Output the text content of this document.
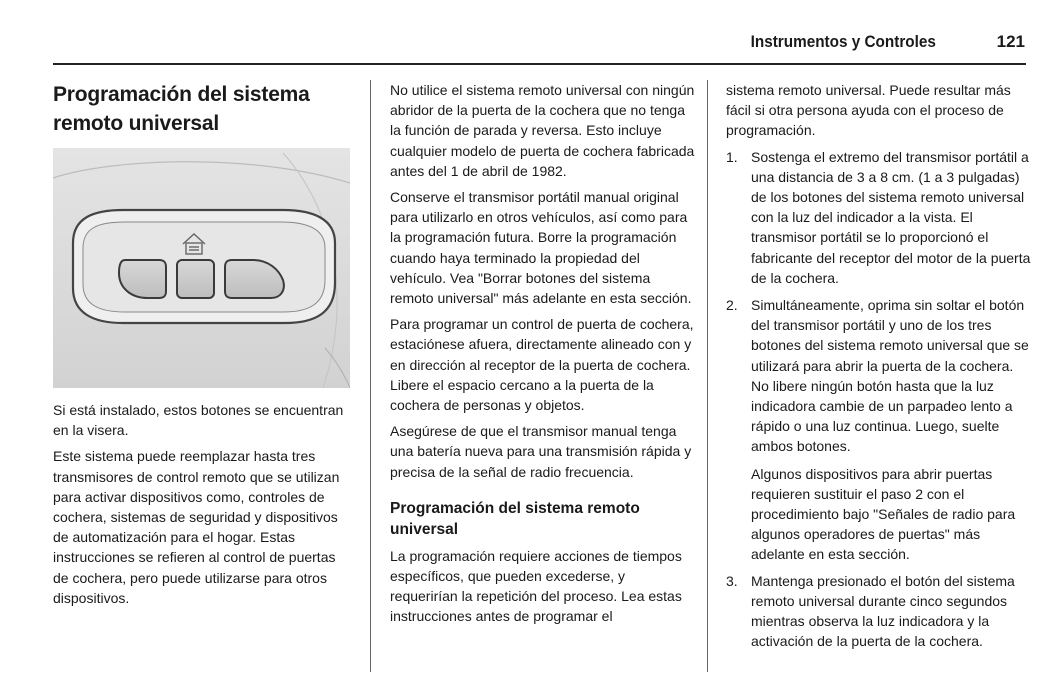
Instrumentos y Controles	121
Programación del sistema remoto universal

Si está instalado, estos botones se encuentran en la visera.

Este sistema puede reemplazar hasta tres transmisores de control remoto que se utilizan para activar dispositivos como, controles de cochera, sistemas de seguridad y dispositivos de automatización para el hogar. Estas instrucciones se refieren al control de puertas de cochera, pero puede utilizarse para otros dispositivos.

No utilice el sistema remoto universal con ningún abridor de la puerta de la cochera que no tenga la función de parada y reversa. Esto incluye cualquier modelo de puerta de cochera fabricada antes del 1 de abril de 1982.

Conserve el transmisor portátil manual original para utilizarlo en otros vehículos, así como para la programación futura. Borre la programación cuando haya terminado la propiedad del vehículo. Vea "Borrar botones del sistema remoto universal" más adelante en esta sección.

Para programar un control de puerta de cochera, estaciónese afuera, directamente alineado con y en dirección al receptor de la puerta de cochera. Libere el espacio cercano a la puerta de la cochera de personas y objetos.

Asegúrese de que el transmisor manual tenga una batería nueva para una transmisión rápida y precisa de la señal de radio frecuencia.

Programación del sistema remoto universal

La programación requiere acciones de tiempos específicos, que pueden excederse, y requerirían la repetición del proceso. Lea estas instrucciones antes de programar el

sistema remoto universal. Puede resultar más fácil si otra persona ayuda con el proceso de programación.

1. Sostenga el extremo del transmisor portátil a una distancia de 3 a 8 cm. (1 a 3 pulgadas) de los botones del sistema remoto universal con la luz del indicador a la vista. El transmisor portátil se lo proporcionó el fabricante del receptor del motor de la puerta de la cochera.
2. Simultáneamente, oprima sin soltar el botón del transmisor portátil y uno de los tres botones del sistema remoto universal que se utilizará para abrir la puerta de la cochera. No libere ningún botón hasta que la luz indicadora cambie de un parpadeo lento a rápido o una luz continua. Luego, suelte ambos botones.

Algunos dispositivos para abrir puertas requieren sustituir el paso 2 con el procedimiento bajo "Señales de radio para algunos operadores de puertas" más adelante en esta sección.

3. Mantenga presionado el botón del sistema remoto universal durante cinco segundos mientras observa la luz indicadora y la activación de la puerta de la cochera.
